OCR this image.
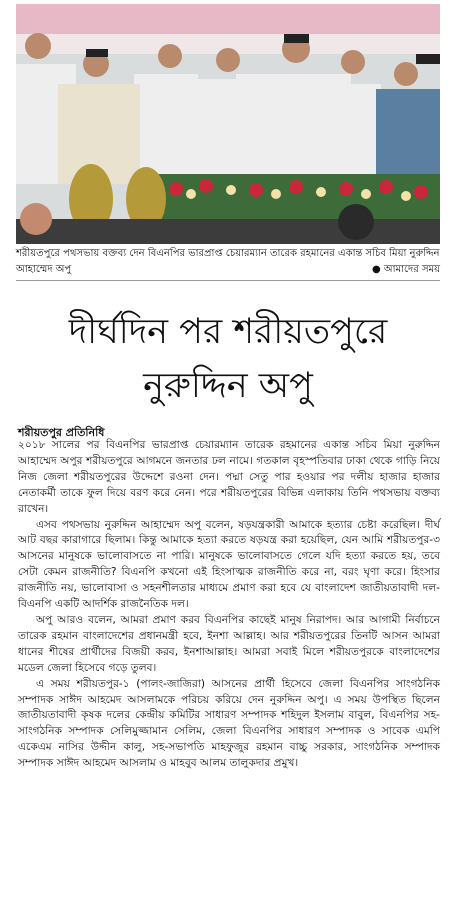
শরীয়তপুরে পথসভায় বক্তব্য দেন বিএনপির ভারপ্রাপ্ত চেয়ারম্যান তারেক রহমানের একান্ত সচিব মিয়া নুরুদ্দিন আহাম্মেদ অপু	● আমাদের সময়
দীর্ঘদিন পর শরীয়তপুরে
নুরুদ্দিন অপু
শরীয়তপুর প্রতিনিধি

২০১৮ সালের পর বিএনপির ভারপ্রাপ্ত চেয়ারম্যান তারেক রহমানের একান্ত সচিব মিয়া নুরুদ্দিন আহাম্মেদ অপুর শরীয়তপুরে আগমনে জনতার ঢল নামে। গতকাল বৃহস্পতিবার ঢাকা থেকে গাড়ি নিয়ে নিজ জেলা শরীয়তপুরের উদ্দেশে রওনা দেন। পদ্মা সেতু পার হওয়ার পর দলীয় হাজার হাজার নেতাকর্মী তাকে ফুল দিয়ে বরণ করে নেন। পরে শরীয়তপুরের বিভিন্ন এলাকায় তিনি পথসভায় বক্তব্য রাখেন।

এসব পথসভায় নুরুদ্দিন আহাম্মেদ অপু বলেন, ষড়যন্ত্রকারী আমাকে হত্যার চেষ্টা করেছিল। দীর্ঘ আট বছর কারাগারে ছিলাম। কিন্তু আমাকে হত্যা করতে ষড়যন্ত্র করা হয়েছিল, যেন আমি শরীয়তপুর-৩ আসনের মানুষকে ভালোবাসতে না পারি। মানুষকে ভালোবাসতে গেলে যদি হত্যা করতে হয়, তবে সেটা কেমন রাজনীতি? বিএনপি কখনো এই হিংসাত্মক রাজনীতি করে না, বরং ঘৃণা করে। হিংসার রাজনীতি নয়, ভালোবাসা ও সহনশীলতার মাধ্যমে প্রমাণ করা হবে যে বাংলাদেশ জাতীয়তাবাদী দল-বিএনপি একটি আদর্শিক রাজনৈতিক দল।

অপু আরও বলেন, আমরা প্রমাণ করব বিএনপির কাছেই মানুষ নিরাপদ। আর আগামী নির্বাচনে তারেক রহমান বাংলাদেশের প্রধানমন্ত্রী হবে, ইনশা আল্লাহ। আর শরীয়তপুরের তিনটি আসন আমরা ধানের শীষের প্রার্থীদের বিজয়ী করব, ইনশাআল্লাহ। আমরা সবাই মিলে শরীয়তপুরকে বাংলাদেশের মডেল জেলা হিসেবে গড়ে তুলব।

এ সময় শরীয়তপুর-১ (পালং-জাজিরা) আসনের প্রার্থী হিসেবে জেলা বিএনপির সাংগঠনিক সম্পাদক সাঈদ আহমেদ আসলামকে পরিচয় করিয়ে দেন নুরুদ্দিন অপু। এ সময় উপস্থিত ছিলেন জাতীয়তাবাদী কৃষক দলের কেন্দ্রীয় কমিটির সাধারণ সম্পাদক শহিদুল ইসলাম বাবুল, বিএনপির সহ-সাংগঠনিক সম্পাদক সেলিমুজ্জামান সেলিম, জেলা বিএনপির সাধারণ সম্পাদক ও সাবেক এমপি একেএম নাসির উদ্দীন কালু, সহ-সভাপতি মাহফুজুর রহমান বাচ্চু সরকার, সাংগঠনিক সম্পাদক সম্পাদক সাঈদ আহমেদ আসলাম ও মাহবুব আলম তালুকদার প্রমুখ।
